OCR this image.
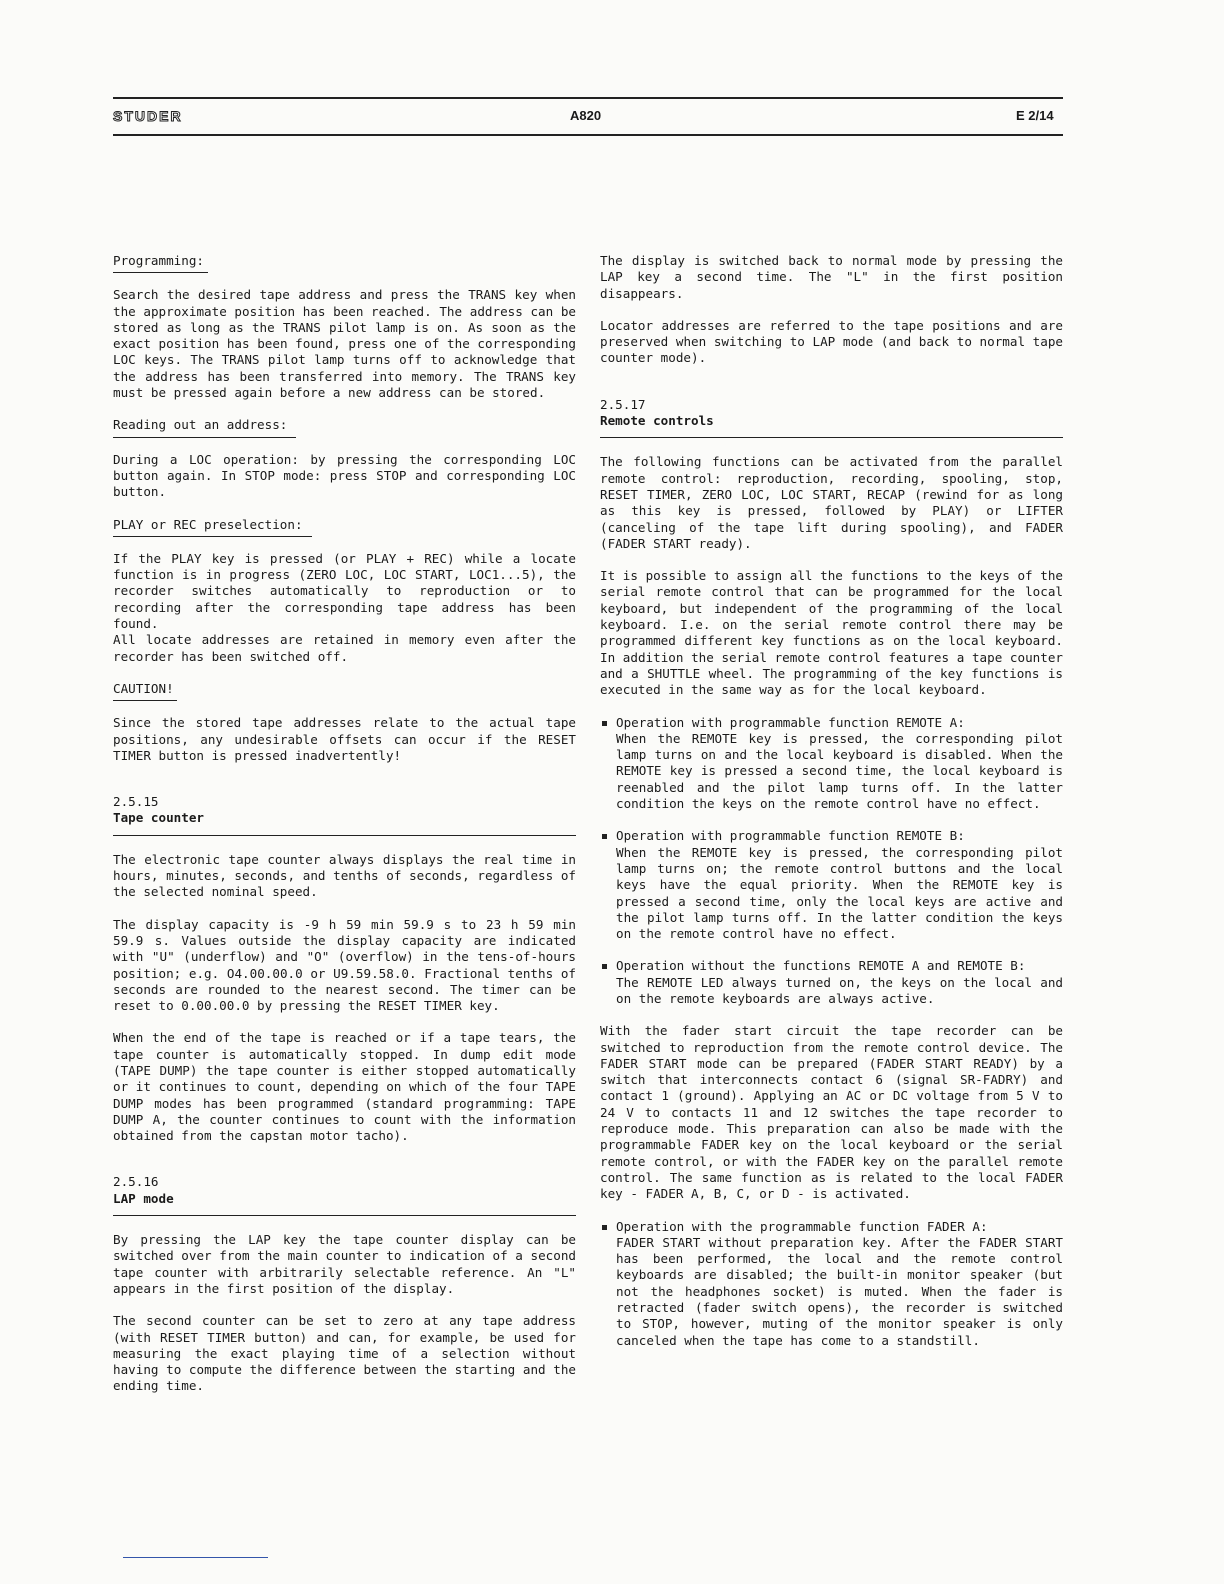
STUDER	A820	E 2/14
Programming:

Search the desired tape address and press the TRANS key when the approximate position has been reached. The address can be stored as long as the TRANS pilot lamp is on. As soon as the exact position has been found, press one of the corresponding LOC keys. The TRANS pilot lamp turns off to acknowledge that the address has been transferred into memory. The TRANS key must be pressed again before a new address can be stored.

Reading out an address:

During a LOC operation: by pressing the corresponding LOC button again. In STOP mode: press STOP and corresponding LOC button.

PLAY or REC preselection:

If the PLAY key is pressed (or PLAY + REC) while a locate function is in progress (ZERO LOC, LOC START, LOC1...5), the recorder switches automatically to reproduction or to recording after the corresponding tape address has been found.

All locate addresses are retained in memory even after the recorder has been switched off.

CAUTION!

Since the stored tape addresses relate to the actual tape positions, any undesirable offsets can occur if the RESET TIMER button is pressed inadvertently!

2.5.15
Tape counter

The electronic tape counter always displays the real time in hours, minutes, seconds, and tenths of seconds, regardless of the selected nominal speed.

The display capacity is -9 h 59 min 59.9 s to 23 h 59 min 59.9 s. Values outside the display capacity are indicated with "U" (underflow) and "O" (overflow) in the tens-of-hours position; e.g. O4.00.00.0 or U9.59.58.0. Fractional tenths of seconds are rounded to the nearest second. The timer can be reset to 0.00.00.0 by pressing the RESET TIMER key.

When the end of the tape is reached or if a tape tears, the tape counter is automatically stopped. In dump edit mode (TAPE DUMP) the tape counter is either stopped automatically or it continues to count, depending on which of the four TAPE DUMP modes has been programmed (standard programming: TAPE DUMP A, the counter continues to count with the information obtained from the capstan motor tacho).

2.5.16
LAP mode

By pressing the LAP key the tape counter display can be switched over from the main counter to indication of a second tape counter with arbitrarily selectable reference. An "L" appears in the first position of the display.

The second counter can be set to zero at any tape address (with RESET TIMER button) and can, for example, be used for measuring the exact playing time of a selection without having to compute the difference between the starting and the ending time.

The display is switched back to normal mode by pressing the LAP key a second time. The "L" in the first position disappears.

Locator addresses are referred to the tape positions and are preserved when switching to LAP mode (and back to normal tape counter mode).

2.5.17
Remote controls

The following functions can be activated from the parallel remote control: reproduction, recording, spooling, stop, RESET TIMER, ZERO LOC, LOC START, RECAP (rewind for as long as this key is pressed, followed by PLAY) or LIFTER (canceling of the tape lift during spooling), and FADER (FADER START ready).

It is possible to assign all the functions to the keys of the serial remote control that can be programmed for the local keyboard, but independent of the programming of the local keyboard. I.e. on the serial remote control there may be programmed different key functions as on the local keyboard. In addition the serial remote control features a tape counter and a SHUTTLE wheel. The programming of the key functions is executed in the same way as for the local keyboard.

Operation with programmable function REMOTE A:
When the REMOTE key is pressed, the corresponding pilot lamp turns on and the local keyboard is disabled. When the REMOTE key is pressed a second time, the local keyboard is reenabled and the pilot lamp turns off. In the latter condition the keys on the remote control have no effect.
Operation with programmable function REMOTE B:
When the REMOTE key is pressed, the corresponding pilot lamp turns on; the remote control buttons and the local keys have the equal priority. When the REMOTE key is pressed a second time, only the local keys are active and the pilot lamp turns off. In the latter condition the keys on the remote control have no effect.
Operation without the functions REMOTE A and REMOTE B:
The REMOTE LED always turned on, the keys on the local and on the remote keyboards are always active.

With the fader start circuit the tape recorder can be switched to reproduction from the remote control device. The FADER START mode can be prepared (FADER START READY) by a switch that interconnects contact 6 (signal SR-FADRY) and contact 1 (ground). Applying an AC or DC voltage from 5 V to 24 V to contacts 11 and 12 switches the tape recorder to reproduce mode. This preparation can also be made with the programmable FADER key on the local keyboard or the serial remote control, or with the FADER key on the parallel remote control. The same function as is related to the local FADER key - FADER A, B, C, or D - is activated.

Operation with the programmable function FADER A:
FADER START without preparation key. After the FADER START has been performed, the local and the remote control keyboards are disabled; the built-in monitor speaker (but not the headphones socket) is muted. When the fader is retracted (fader switch opens), the recorder is switched to STOP, however, muting of the monitor speaker is only canceled when the tape has come to a standstill.
